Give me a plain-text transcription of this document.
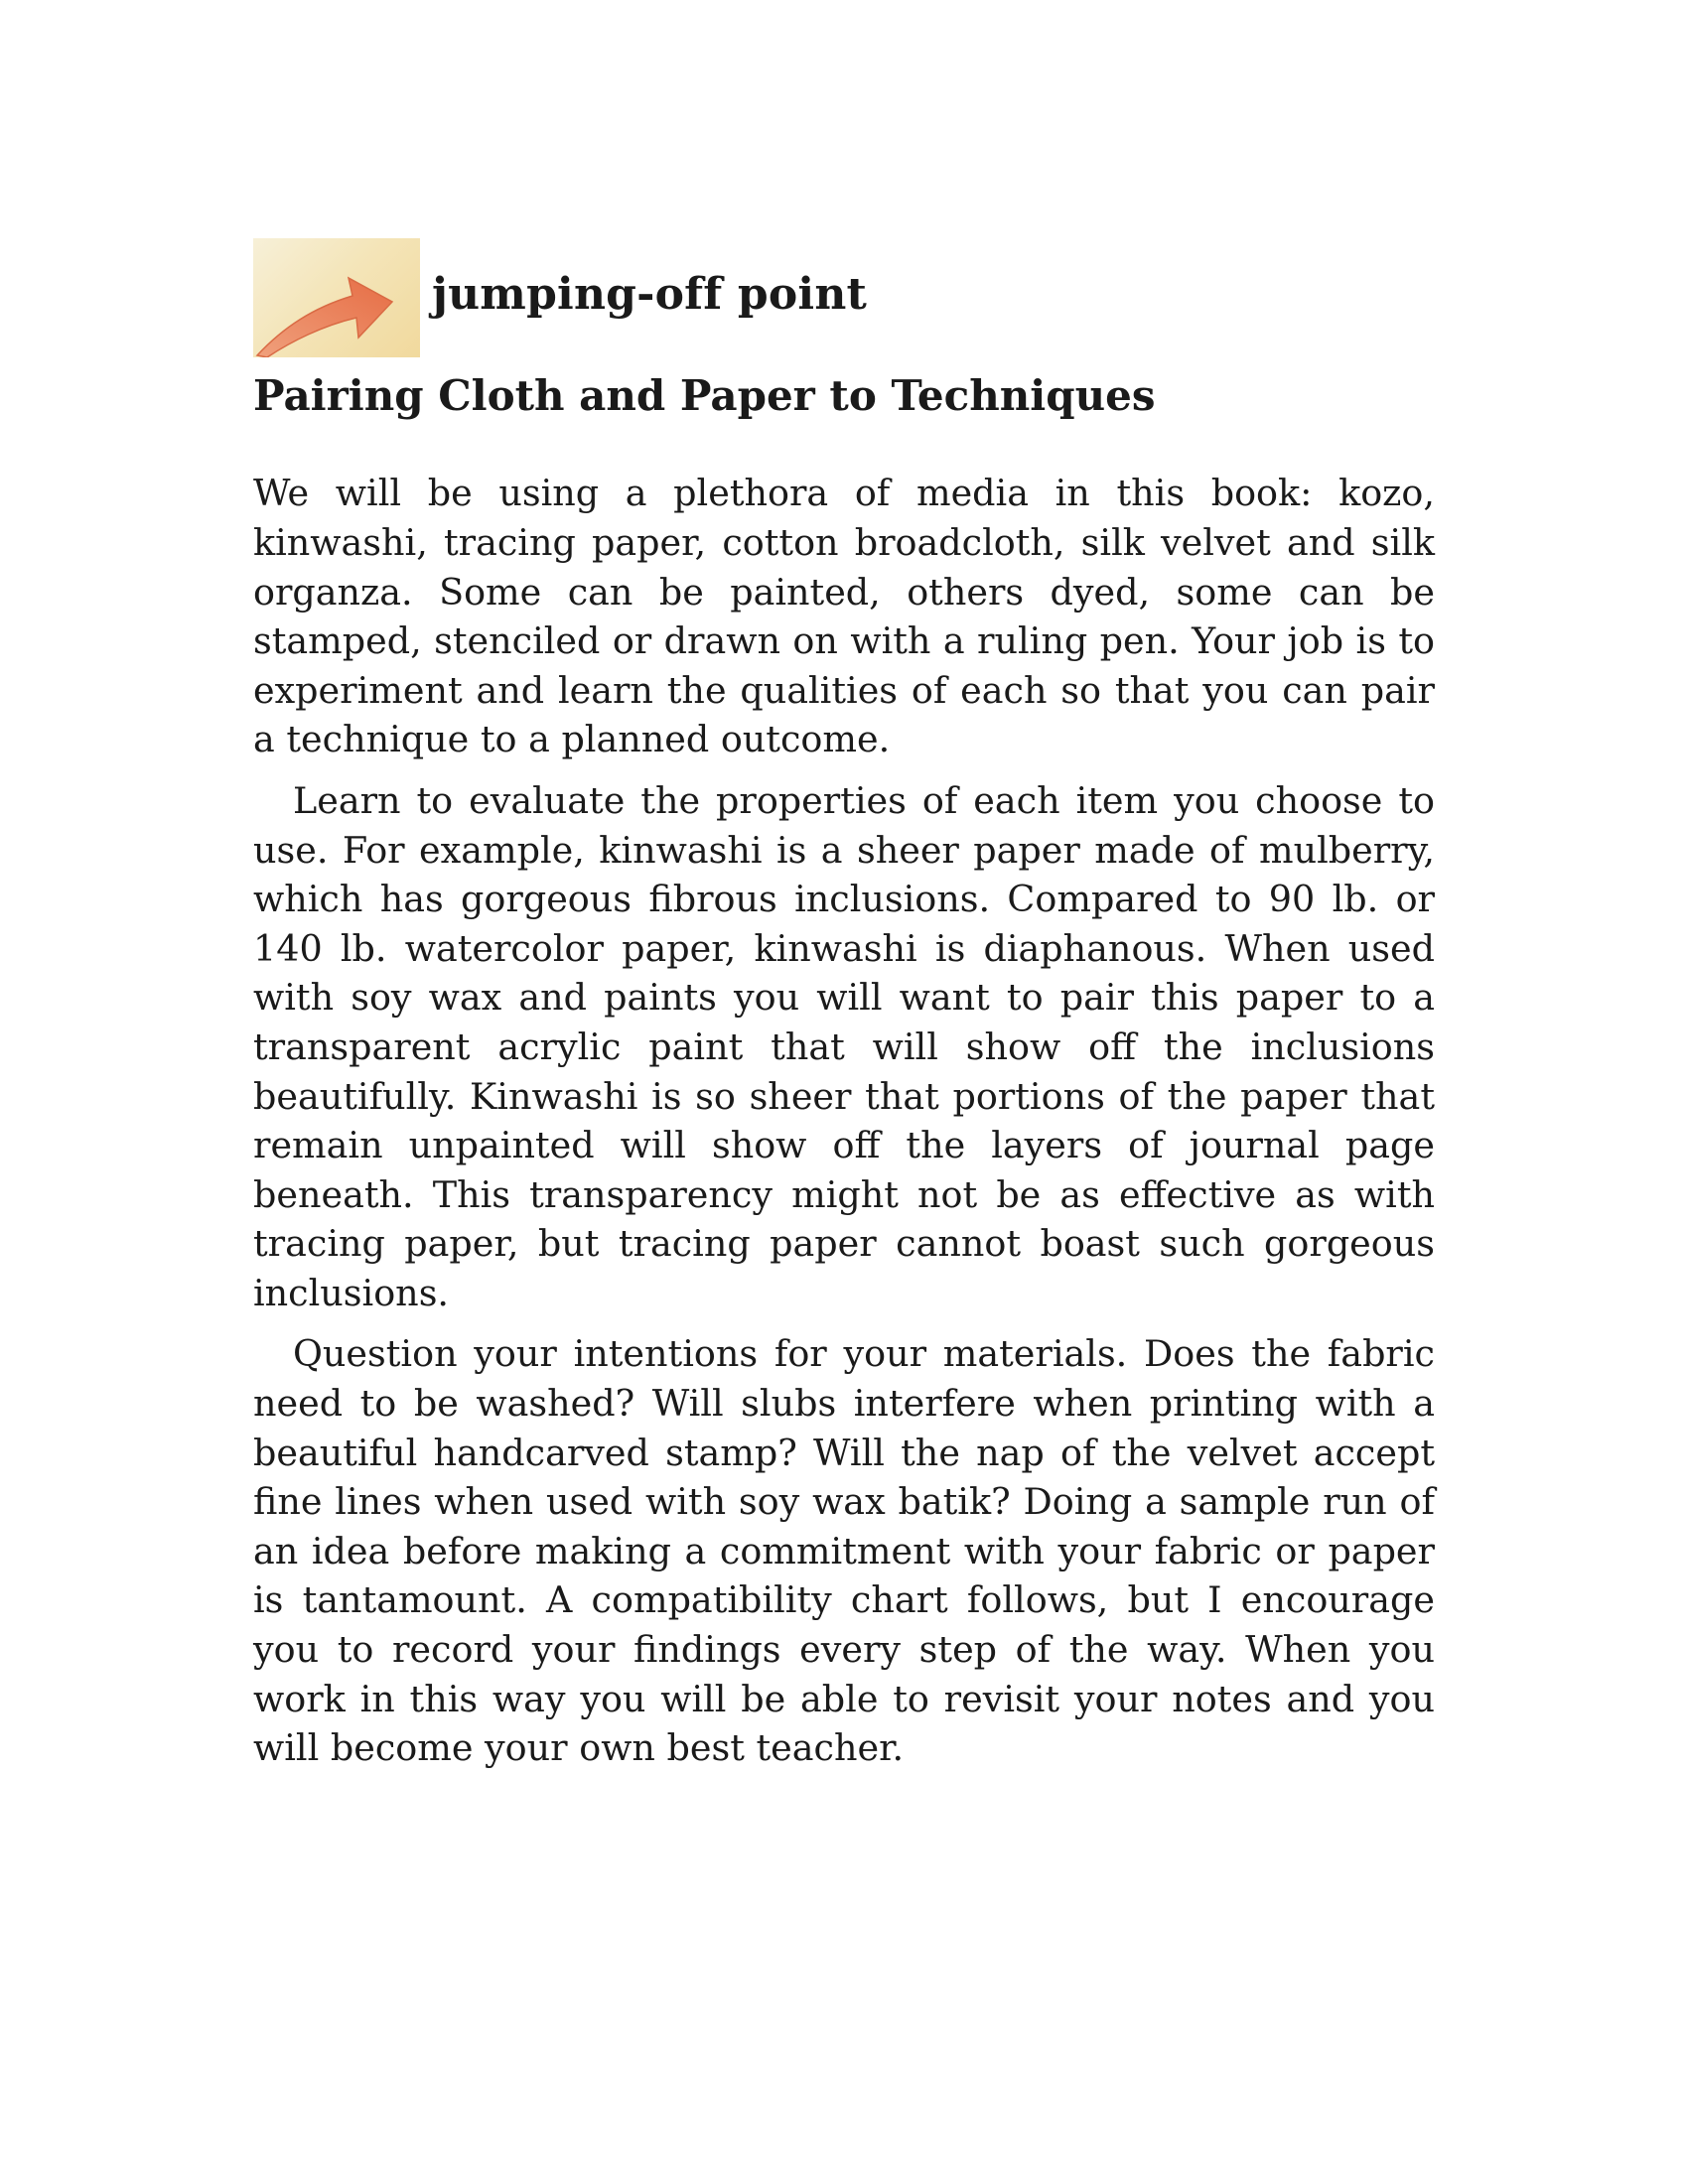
jumping-off point
Pairing Cloth and Paper to Techniques

We will be using a plethora of media in this book: kozo, kinwashi, tracing paper, cotton broadcloth, silk velvet and silk organza. Some can be painted, others dyed, some can be stamped, stenciled or drawn on with a ruling pen. Your job is to experiment and learn the qualities of each so that you can pair a technique to a planned outcome.

Learn to evaluate the properties of each item you choose to use. For example, kinwashi is a sheer paper made of mulberry, which has gorgeous fibrous inclusions. Compared to 90 lb. or 140 lb. watercolor paper, kinwashi is diaphanous. When used with soy wax and paints you will want to pair this paper to a transparent acrylic paint that will show off the inclusions beautifully. Kinwashi is so sheer that portions of the paper that remain unpainted will show off the layers of journal page beneath. This transparency might not be as effective as with tracing paper, but tracing paper cannot boast such gorgeous inclusions.

Question your intentions for your materials. Does the fabric need to be washed? Will slubs interfere when printing with a beautiful handcarved stamp? Will the nap of the velvet accept fine lines when used with soy wax batik? Doing a sample run of an idea before making a commitment with your fabric or paper is tantamount. A compatibility chart follows, but I encourage you to record your findings every step of the way. When you work in this way you will be able to revisit your notes and you will become your own best teacher.
